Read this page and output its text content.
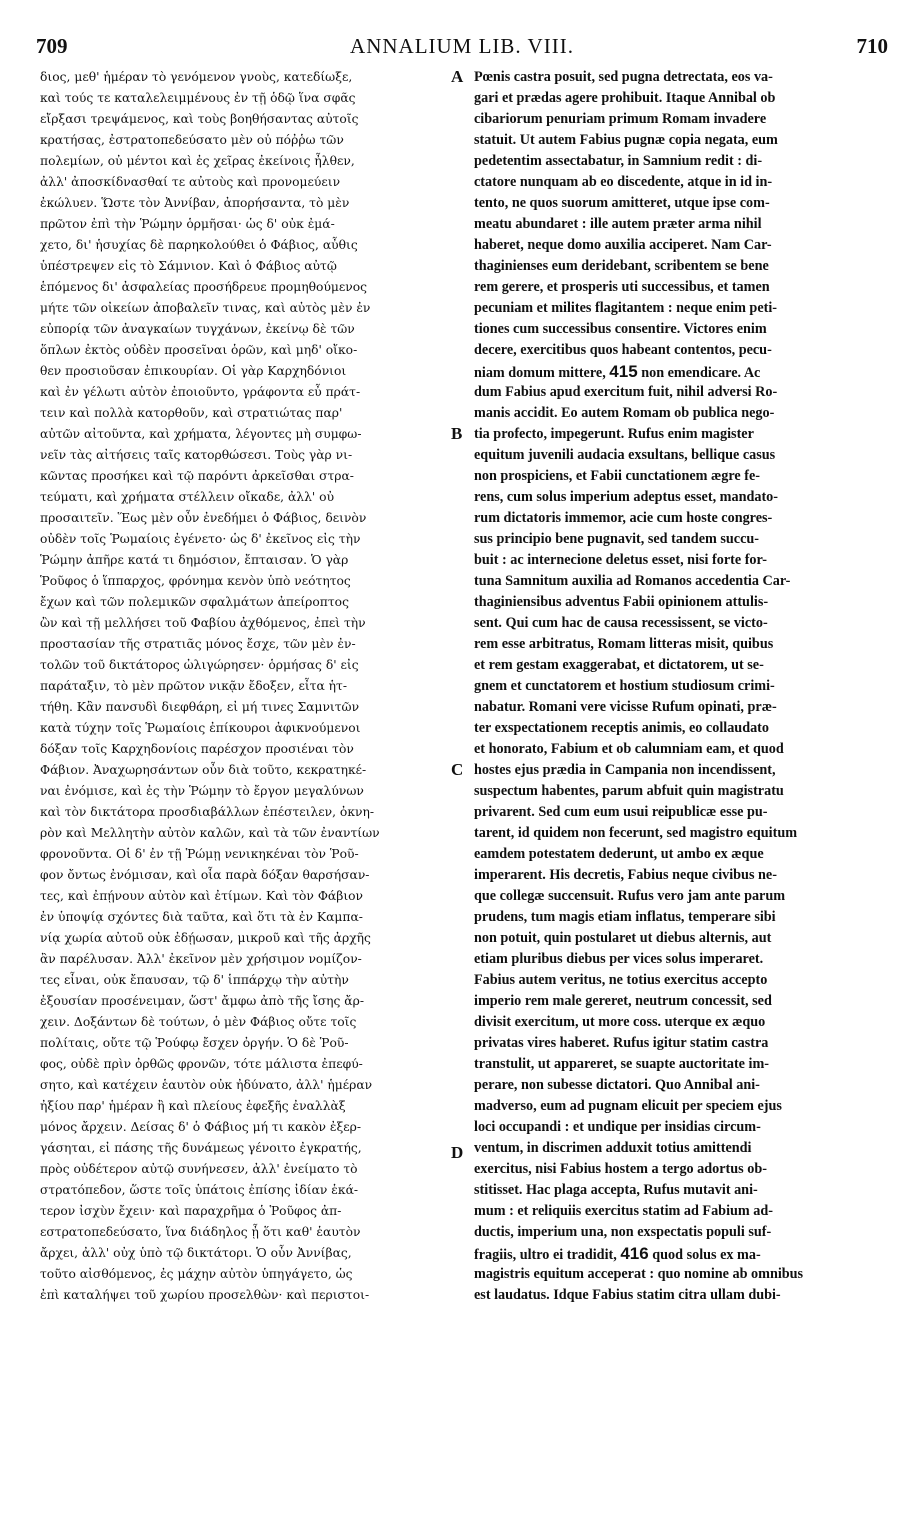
709	ANNALIUM LIB. VIII.	710
A
B
C
D
διος, μεθ' ἡμέραν τὸ γενόμενον γνοὺς, κατεδίωξε,
καὶ τούς τε καταλελειμμένους ἐν τῇ ὁδῷ ἵνα σφᾶς
εἴρξασι τρεψάμενος, καὶ τοὺς βοηθήσαντας αὐτοῖς
κρατήσας, ἐστρατοπεδεύσατο μὲν οὐ πόῤῥω τῶν
πολεμίων, οὐ μέντοι καὶ ἐς χεῖρας ἐκείνοις ἦλθεν,
ἀλλ' ἀποσκίδνασθαί τε αὐτοὺς καὶ προνομεύειν
ἐκώλυεν. Ὥστε τὸν Ἀννίβαν, ἀπορήσαντα, τὸ μὲν
πρῶτον ἐπὶ τὴν Ῥώμην ὁρμῆσαι· ὡς δ' οὐκ ἐμά-
χετο, δι' ἡσυχίας δὲ παρηκολούθει ὁ Φάβιος, αὖθις
ὑπέστρεψεν εἰς τὸ Σάμνιον. Καὶ ὁ Φάβιος αὐτῷ
ἑπόμενος δι' ἀσφαλείας προσήδρευε προμηθούμενος
μήτε τῶν οἰκείων ἀποβαλεῖν τινας, καὶ αὐτὸς μὲν ἐν
εὐπορίᾳ τῶν ἀναγκαίων τυγχάνων, ἐκείνῳ δὲ τῶν
ὅπλων ἐκτὸς οὐδὲν προσεῖναι ὁρῶν, καὶ μηδ' οἴκο-
θεν προσιοῦσαν ἐπικουρίαν. Οἱ γὰρ Καρχηδόνιοι
καὶ ἐν γέλωτι αὐτὸν ἐποιοῦντο, γράφοντα εὖ πράτ-
τειν καὶ πολλὰ κατορθοῦν, καὶ στρατιώτας παρ'
αὐτῶν αἰτοῦντα, καὶ χρήματα, λέγοντες μὴ συμφω-
νεῖν τὰς αἰτήσεις ταῖς κατορθώσεσι. Τοὺς γὰρ νι-
κῶντας προσήκει καὶ τῷ παρόντι ἀρκεῖσθαι στρα-
τεύματι, καὶ χρήματα στέλλειν οἴκαδε, ἀλλ' οὐ
προσαιτεῖν. Ἕως μὲν οὖν ἐνεδήμει ὁ Φάβιος, δεινὸν
οὐδὲν τοῖς Ῥωμαίοις ἐγένετο· ὡς δ' ἐκεῖνος εἰς τὴν
Ῥώμην ἀπῆρε κατά τι δημόσιον, ἔπταισαν. Ὁ γὰρ
Ῥοῦφος ὁ ἵππαρχος, φρόνημα κενὸν ὑπὸ νεότητος
ἔχων καὶ τῶν πολεμικῶν σφαλμάτων ἀπείροπτος
ὢν καὶ τῇ μελλήσει τοῦ Φαβίου ἀχθόμενος, ἐπεὶ τὴν
προστασίαν τῆς στρατιᾶς μόνος ἔσχε, τῶν μὲν ἐν-
τολῶν τοῦ δικτάτορος ὠλιγώρησεν· ὁρμήσας δ' εἰς
παράταξιν, τὸ μὲν πρῶτον νικᾷν ἔδοξεν, εἶτα ἡτ-
τήθη. Κἂν πανσυδὶ διεφθάρη, εἰ μή τινες Σαμνιτῶν
κατὰ τύχην τοῖς Ῥωμαίοις ἐπίκουροι ἀφικνούμενοι
δόξαν τοῖς Καρχηδονίοις παρέσχον προσιέναι τὸν
Φάβιον. Ἀναχωρησάντων οὖν διὰ τοῦτο, κεκρατηκέ-
ναι ἐνόμισε, καὶ ἐς τὴν Ῥώμην τὸ ἔργον μεγαλύνων
καὶ τὸν δικτάτορα προσδιαβάλλων ἐπέστειλεν, ὀκνη-
ρὸν καὶ Μελλητὴν αὐτὸν καλῶν, καὶ τὰ τῶν ἐναντίων
φρονοῦντα. Οἱ δ' ἐν τῇ Ῥώμῃ νενικηκέναι τὸν Ῥοῦ-
φον ὄντως ἐνόμισαν, καὶ οἷα παρὰ δόξαν θαρσήσαν-
τες, καὶ ἐπῄνουν αὐτὸν καὶ ἐτίμων. Καὶ τὸν Φάβιον
ἐν ὑποψίᾳ σχόντες διὰ ταῦτα, καὶ ὅτι τὰ ἐν Καμπα-
νίᾳ χωρία αὐτοῦ οὐκ ἐδῄωσαν, μικροῦ καὶ τῆς ἀρχῆς
ἂν παρέλυσαν. Ἀλλ' ἐκεῖνον μὲν χρήσιμον νομίζον-
τες εἶναι, οὐκ ἔπαυσαν, τῷ δ' ἱππάρχῳ τὴν αὐτὴν
ἐξουσίαν προσένειμαν, ὥστ' ἄμφω ἀπὸ τῆς ἴσης ἄρ-
χειν. Δοξάντων δὲ τούτων, ὁ μὲν Φάβιος οὔτε τοῖς
πολίταις, οὔτε τῷ Ῥούφῳ ἔσχεν ὀργήν. Ὁ δὲ Ῥοῦ-
φος, οὐδὲ πρὶν ὀρθῶς φρονῶν, τότε μάλιστα ἐπεφύ-
σητο, καὶ κατέχειν ἑαυτὸν οὐκ ἠδύνατο, ἀλλ' ἡμέραν
ἠξίου παρ' ἡμέραν ἢ καὶ πλείους ἐφεξῆς ἐναλλὰξ
μόνος ἄρχειν. Δείσας δ' ὁ Φάβιος μή τι κακὸν ἐξερ-
γάσηται, εἰ πάσης τῆς δυνάμεως γένοιτο ἐγκρατής,
πρὸς οὐδέτερον αὐτῷ συνήνεσεν, ἀλλ' ἐνείματο τὸ
στρατόπεδον, ὥστε τοῖς ὑπάτοις ἐπίσης ἰδίαν ἑκά-
τερον ἰσχὺν ἔχειν· καὶ παραχρῆμα ὁ Ῥοῦφος ἀπ-
εστρατοπεδεύσατο, ἵνα διάδηλος ᾖ ὅτι καθ' ἑαυτὸν
ἄρχει, ἀλλ' οὐχ ὑπὸ τῷ δικτάτορι. Ὁ οὖν Ἀννίβας,
τοῦτο αἰσθόμενος, ἐς μάχην αὐτὸν ὑπηγάγετο, ὡς
ἐπὶ καταλήψει τοῦ χωρίου προσελθὼν· καὶ περιστοι-
Pœnis castra posuit, sed pugna detrectata, eos va-
gari et prædas agere prohibuit. Itaque Annibal ob
cibariorum penuriam primum Romam invadere
statuit. Ut autem Fabius pugnæ copia negata, eum
pedetentim assectabatur, in Samnium redit : di-
ctatore nunquam ab eo discedente, atque in id in-
tento, ne quos suorum amitteret, utque ipse com-
meatu abundaret : ille autem præter arma nihil
haberet, neque domo auxilia acciperet. Nam Car-
thaginienses eum deridebant, scribentem se bene
rem gerere, et prosperis uti successibus, et tamen
pecuniam et milites flagitantem : neque enim peti-
tiones cum successibus consentire. Victores enim
decere, exercitibus quos habeant contentos, pecu-
niam domum mittere, 415 non emendicare. Ac
dum Fabius apud exercitum fuit, nihil adversi Ro-
manis accidit. Eo autem Romam ob publica nego-
tia profecto, impegerunt. Rufus enim magister
equitum juvenili audacia exsultans, bellique casus
non prospiciens, et Fabii cunctationem ægre fe-
rens, cum solus imperium adeptus esset, mandato-
rum dictatoris immemor, acie cum hoste congres-
sus principio bene pugnavit, sed tandem succu-
buit : ac internecione deletus esset, nisi forte for-
tuna Samnitum auxilia ad Romanos accedentia Car-
thaginiensibus adventus Fabii opinionem attulis-
sent. Qui cum hac de causa recessissent, se victo-
rem esse arbitratus, Romam litteras misit, quibus
et rem gestam exaggerabat, et dictatorem, ut se-
gnem et cunctatorem et hostium studiosum crimi-
nabatur. Romani vere vicisse Rufum opinati, præ-
ter exspectationem receptis animis, eo collaudato
et honorato, Fabium et ob calumniam eam, et quod
hostes ejus prædia in Campania non incendissent,
suspectum habentes, parum abfuit quin magistratu
privarent. Sed cum eum usui reipublicæ esse pu-
tarent, id quidem non fecerunt, sed magistro equitum
eamdem potestatem dederunt, ut ambo ex æque
imperarent. His decretis, Fabius neque civibus ne-
que collegæ succensuit. Rufus vero jam ante parum
prudens, tum magis etiam inflatus, temperare sibi
non potuit, quin postularet ut diebus alternis, aut
etiam pluribus diebus per vices solus imperaret.
Fabius autem veritus, ne totius exercitus accepto
imperio rem male gereret, neutrum concessit, sed
divisit exercitum, ut more coss. uterque ex æquo
privatas vires haberet. Rufus igitur statim castra
transtulit, ut appareret, se suapte auctoritate im-
perare, non subesse dictatori. Quo Annibal ani-
madverso, eum ad pugnam elicuit per speciem ejus
loci occupandi : et undique per insidias circum-
ventum, in discrimen adduxit totius amittendi
exercitus, nisi Fabius hostem a tergo adortus ob-
stitisset. Hac plaga accepta, Rufus mutavit ani-
mum : et reliquiis exercitus statim ad Fabium ad-
ductis, imperium una, non exspectatis populi suf-
fragiis, ultro ei tradidit, 416 quod solus ex ma-
magistris equitum acceperat : quo nomine ab omnibus
est laudatus. Idque Fabius statim citra ullam dubi-
